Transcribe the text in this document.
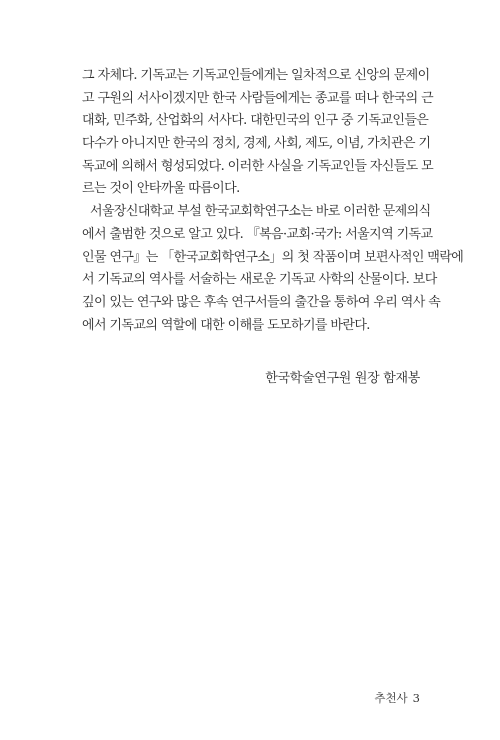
그 자체다. 기독교는 기독교인들에게는 일차적으로 신앙의 문제이
고 구원의 서사이겠지만 한국 사람들에게는 종교를 떠나 한국의 근
대화, 민주화, 산업화의 서사다. 대한민국의 인구 중 기독교인들은
다수가 아니지만 한국의 정치, 경제, 사회, 제도, 이념, 가치관은 기
독교에 의해서 형성되었다. 이러한 사실을 기독교인들 자신들도 모
르는 것이 안타까울 따름이다.
서울장신대학교 부설 한국교회학연구소는 바로 이러한 문제의식
에서 출범한 것으로 알고 있다. 『복음·교회·국가: 서울지역 기독교
인물 연구』는 「한국교회학연구소」의 첫 작품이며 보편사적인 맥락에
서 기독교의 역사를 서술하는 새로운 기독교 사학의 산물이다. 보다
깊이 있는 연구와 많은 후속 연구서들의 출간을 통하여 우리 역사 속
에서 기독교의 역할에 대한 이해를 도모하기를 바란다.
한국학술연구원 원장 함재봉
추천사 3
